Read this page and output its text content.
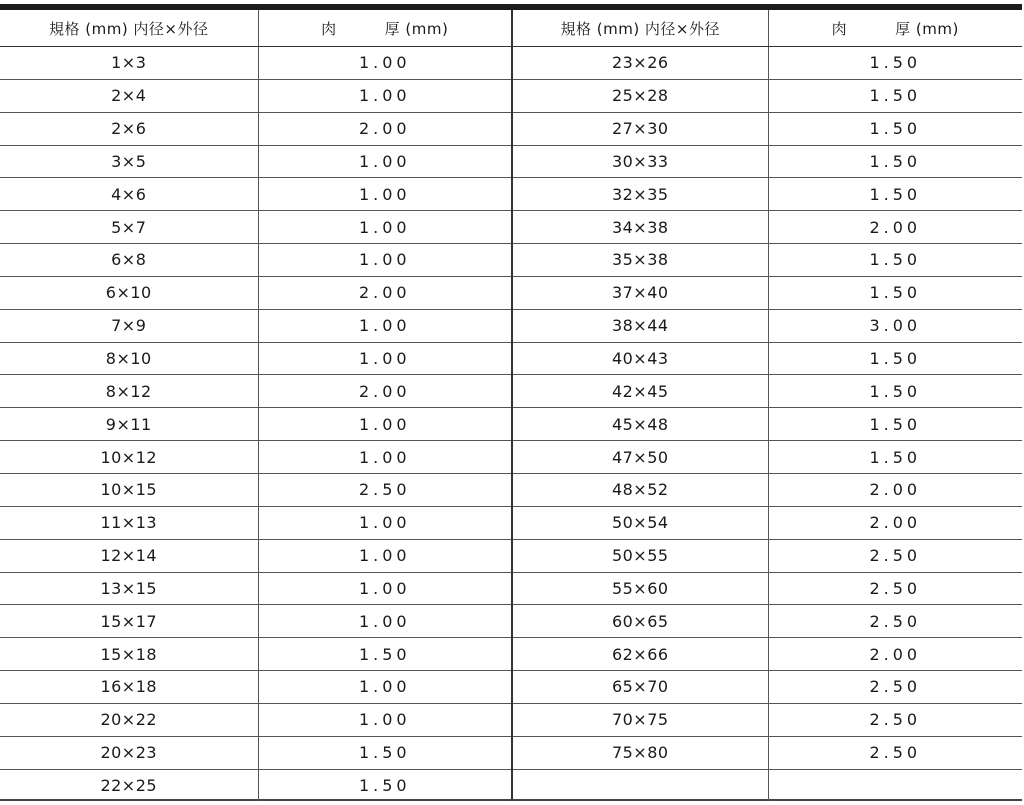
規格 (mm) 内径×外径	肉 厚 (mm)	規格 (mm) 内径×外径	肉 厚 (mm)
1×3	1.00	23×26	1.50
2×4	1.00	25×28	1.50
2×6	2.00	27×30	1.50
3×5	1.00	30×33	1.50
4×6	1.00	32×35	1.50
5×7	1.00	34×38	2.00
6×8	1.00	35×38	1.50
6×10	2.00	37×40	1.50
7×9	1.00	38×44	3.00
8×10	1.00	40×43	1.50
8×12	2.00	42×45	1.50
9×11	1.00	45×48	1.50
10×12	1.00	47×50	1.50
10×15	2.50	48×52	2.00
11×13	1.00	50×54	2.00
12×14	1.00	50×55	2.50
13×15	1.00	55×60	2.50
15×17	1.00	60×65	2.50
15×18	1.50	62×66	2.00
16×18	1.00	65×70	2.50
20×22	1.00	70×75	2.50
20×23	1.50	75×80	2.50
22×25	1.50		
